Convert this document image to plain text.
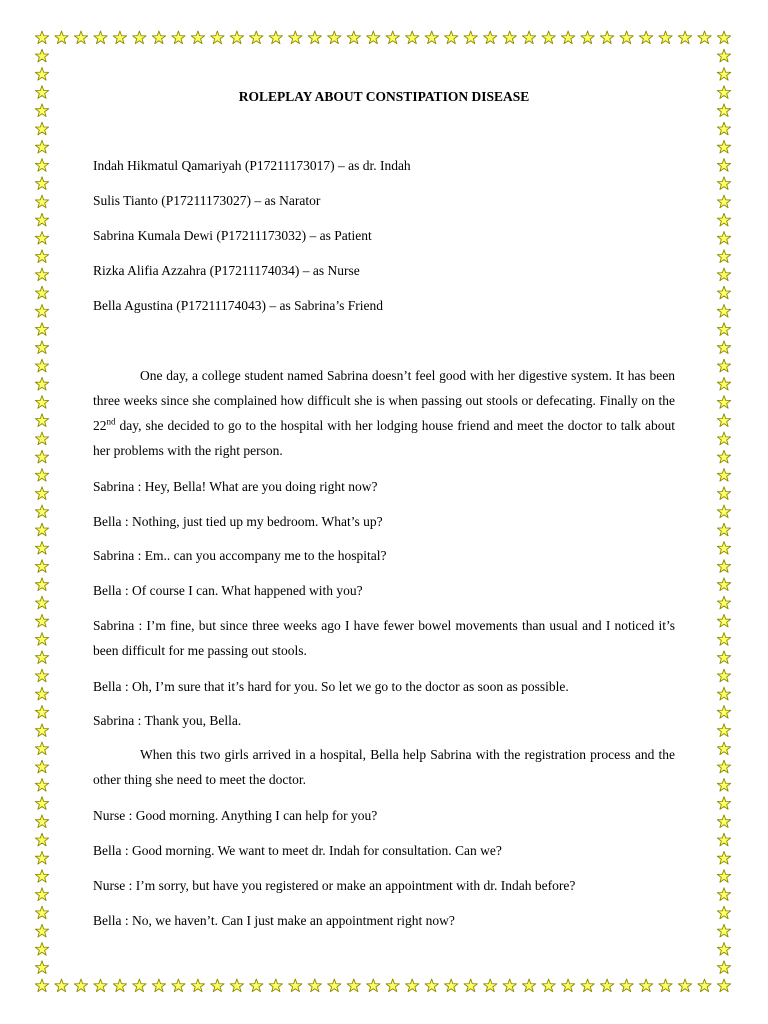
ROLEPLAY ABOUT CONSTIPATION DISEASE

Indah Hikmatul Qamariyah (P17211173017) – as dr. Indah

Sulis Tianto (P17211173027) – as Narator

Sabrina Kumala Dewi (P17211173032) – as Patient

Rizka Alifia Azzahra (P17211174034) – as Nurse

Bella Agustina (P17211174043) – as Sabrina’s Friend

One day, a college student named Sabrina doesn’t feel good with her digestive system. It has been three weeks since she complained how difficult she is when passing out stools or defecating. Finally on the 22nd day, she decided to go to the hospital with her lodging house friend and meet the doctor to talk about her problems with the right person.

Sabrina : Hey, Bella! What are you doing right now?

Bella : Nothing, just tied up my bedroom. What’s up?

Sabrina : Em.. can you accompany me to the hospital?

Bella : Of course I can. What happened with you?

Sabrina : I’m fine, but since three weeks ago I have fewer bowel movements than usual and I noticed it’s been difficult for me passing out stools.

Bella : Oh, I’m sure that it’s hard for you. So let we go to the doctor as soon as possible.

Sabrina : Thank you, Bella.

When this two girls arrived in a hospital, Bella help Sabrina with the registration process and the other thing she need to meet the doctor.

Nurse : Good morning. Anything I can help for you?

Bella : Good morning. We want to meet dr. Indah for consultation. Can we?

Nurse : I’m sorry, but have you registered or make an appointment with dr. Indah before?

Bella : No, we haven’t. Can I just make an appointment right now?
